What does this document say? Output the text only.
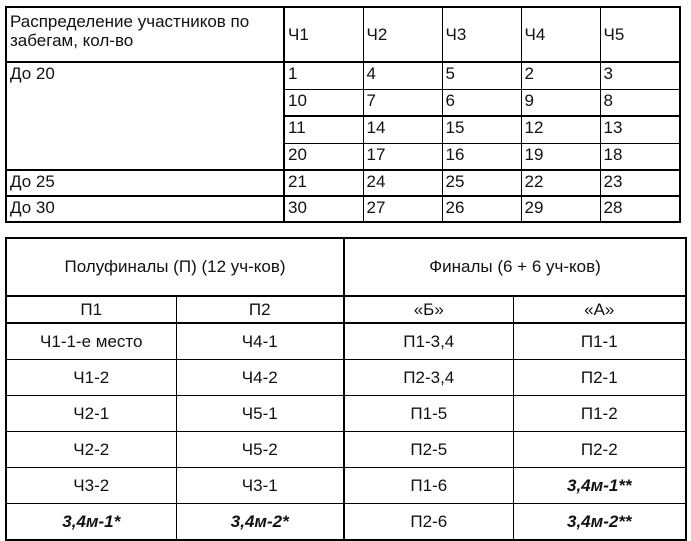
Распределение участников по забегам, кол-во	Ч1	Ч2	Ч3	Ч4	Ч5
До 20	1	4	5	2	3
	10	7	6	9	8
	11	14	15	12	13
	20	17	16	19	18
До 25	21	24	25	22	23
До 30	30	27	26	29	28
Полуфиналы (П) (12 уч-ков)		Финалы (6 + 6 уч-ков)	
П1	П2	«Б»	«А»
Ч1-1-е место	Ч4-1	П1-3,4	П1-1
Ч1-2	Ч4-2	П2-3,4	П2-1
Ч2-1	Ч5-1	П1-5	П1-2
Ч2-2	Ч5-2	П2-5	П2-2
Ч3-2	Ч3-1	П1-6	3,4м-1**
3,4м-1*	3,4м-2*	П2-6	3,4м-2**
